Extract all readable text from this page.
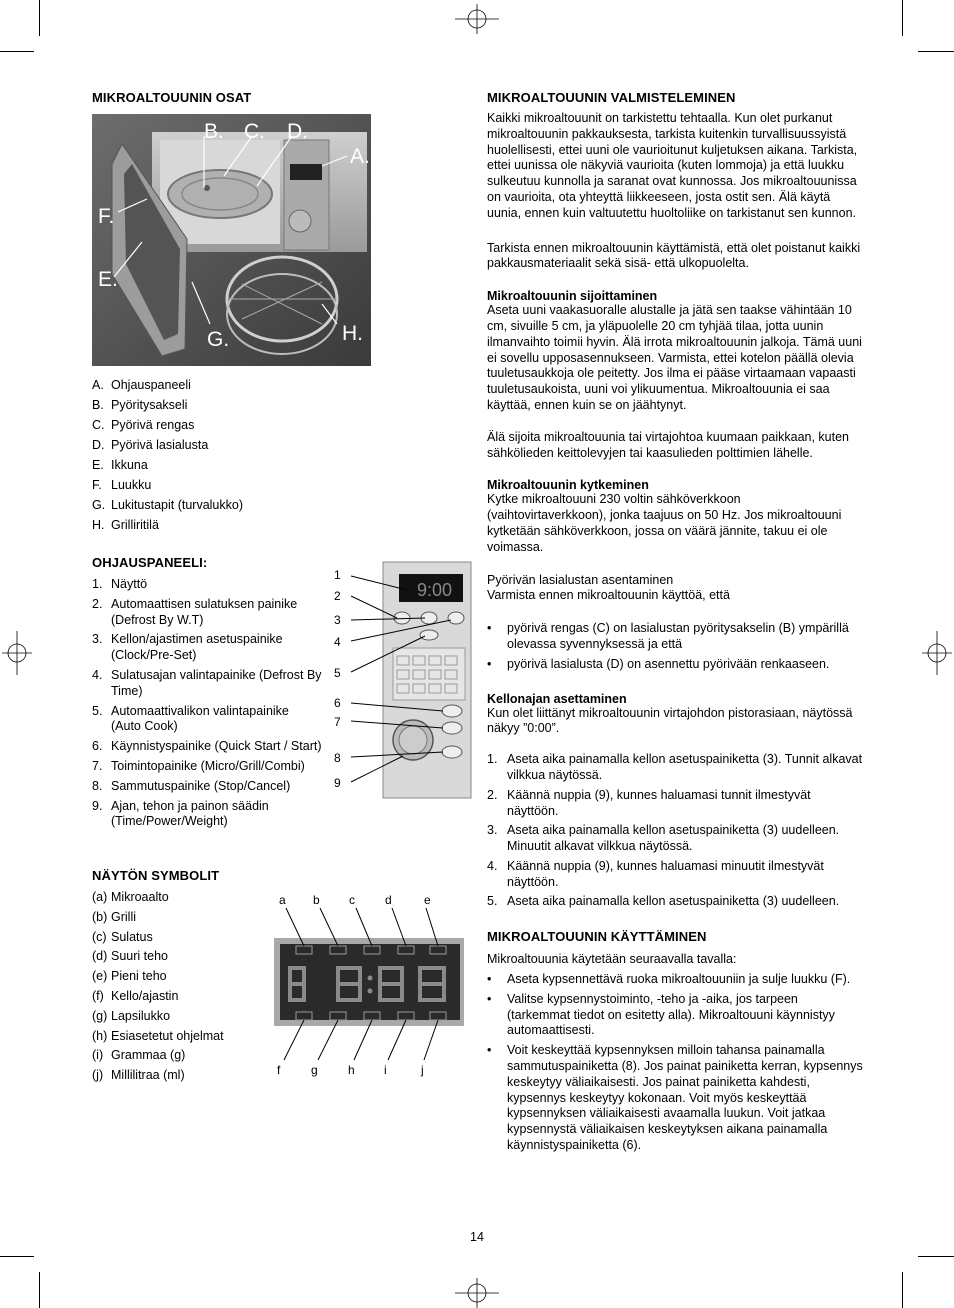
MIKROALTOUUNIN OSAT
B. C. D.
A.
F.
E.
G.	H.
A. Ohjauspaneeli
B. Pyöritysakseli
C. Pyörivä rengas
D. Pyörivä lasialusta
E. Ikkuna
F. Luukku
G. Lukitustapit (turvalukko)
H. Grilliritilä
OHJAUSPANEELI:
1. Näyttö
2. Automaattisen sulatuksen painike (Defrost By W.T)
3. Kellon/ajastimen asetuspainike (Clock/Pre-Set)
4. Sulatusajan valintapainike (Defrost By Time)
5. Automaattivalikon valintapainike (Auto Cook)
6. Käynnistyspainike (Quick Start / Start)
7. Toimintopainike (Micro/Grill/Combi)
8. Sammutuspainike (Stop/Cancel)
9. Ajan, tehon ja painon säädin (Time/Power/Weight)
9:00
1
2
3
4
5
6
7
8
9
NÄYTÖN SYMBOLIT
(a) Mikroaalto
(b) Grilli
(c) Sulatus
(d) Suuri teho
(e) Pieni teho
(f) Kello/ajastin
(g) Lapsilukko
(h) Esiasetetut ohjelmat
(i) Grammaa (g)
(j) Millilitraa (ml)
a b c	d	e
f	g	h i	j
MIKROALTOUUNIN VALMISTELEMINEN
Kaikki mikroaltouunit on tarkistettu tehtaalla. Kun olet purkanut mikroaltouunin pakkauksesta, tarkista kuitenkin turvallisuussyistä huolellisesti, ettei uuni ole vaurioitunut kuljetuksen aikana. Tarkista, ettei uunissa ole näkyviä vaurioita (kuten lommoja) ja että luukku sulkeutuu kunnolla ja saranat ovat kunnossa. Jos mikroaltouunissa on vaurioita, ota yhteyttä liikkeeseen, josta ostit sen. Älä käytä uunia, ennen kuin valtuutettu huoltoliike on tarkistanut sen kunnon.
Tarkista ennen mikroaltouunin käyttämistä, että olet poistanut kaikki pakkausmateriaalit sekä sisä- että ulkopuolelta.
Mikroaltouunin sijoittaminen
Aseta uuni vaakasuoralle alustalle ja jätä sen taakse vähintään 10 cm, sivuille 5 cm, ja yläpuolelle 20 cm tyhjää tilaa, jotta uunin ilmanvaihto toimii hyvin. Älä irrota mikroaltouunin jalkoja. Tämä uuni ei sovellu upposasennukseen. Varmista, ettei kotelon päällä olevia tuuletusaukkoja ole peitetty. Jos ilma ei pääse virtaamaan vapaasti tuuletusaukoista, uuni voi ylikuumentua. Mikroaltouunia ei saa käyttää, ennen kuin se on jäähtynyt.
Älä sijoita mikroaltouunia tai virtajohtoa kuumaan paikkaan, kuten sähkölieden keittolevyjen tai kaasulieden polttimien lähelle.
Mikroaltouunin kytkeminen
Kytke mikroaltouuni 230 voltin sähköverkkoon (vaihtovirtaverkkoon), jonka taajuus on 50 Hz. Jos mikroaltouuni kytketään sähköverkkoon, jossa on väärä jännite, takuu ei ole voimassa.
Pyörivän lasialustan asentaminen
Varmista ennen mikroaltouunin käyttöä, että
•	pyörivä rengas (C) on lasialustan pyöritysakselin (B) ympärillä olevassa syvennyksessä ja että
•	pyörivä lasialusta (D) on asennettu pyörivään renkaaseen.
Kellonajan asettaminen
Kun olet liittänyt mikroaltouunin virtajohdon pistorasiaan, näytössä näkyy ”0:00”.
1. Aseta aika painamalla kellon asetuspainiketta (3). Tunnit alkavat vilkkua näytössä.
2. Käännä nuppia (9), kunnes haluamasi tunnit ilmestyvät näyttöön.
3. Aseta aika painamalla kellon asetuspainiketta (3) uudelleen. Minuutit alkavat vilkkua näytössä.
4. Käännä nuppia (9), kunnes haluamasi minuutit ilmestyvät näyttöön.
5. Aseta aika painamalla kellon asetuspainiketta (3) uudelleen.
MIKROALTOUUNIN KÄYTTÄMINEN
Mikroaltouunia käytetään seuraavalla tavalla:
•	Aseta kypsennettävä ruoka mikroaltouuniin ja sulje luukku (F).
•	Valitse kypsennystoiminto, -teho ja -aika, jos tarpeen (tarkemmat tiedot on esitetty alla). Mikroaltouuni käynnistyy automaattisesti.
•	Voit keskeyttää kypsennyksen milloin tahansa painamalla sammutuspainiketta (8). Jos painat painiketta kerran, kypsennys keskeytyy väliaikaisesti. Jos painat painiketta kahdesti, kypsennys keskeytyy kokonaan. Voit myös keskeyttää kypsennyksen väliaikaisesti avaamalla luukun. Voit jatkaa kypsennystä väliaikaisen keskeytyksen aikana painamalla käynnistyspainiketta (6).
14
